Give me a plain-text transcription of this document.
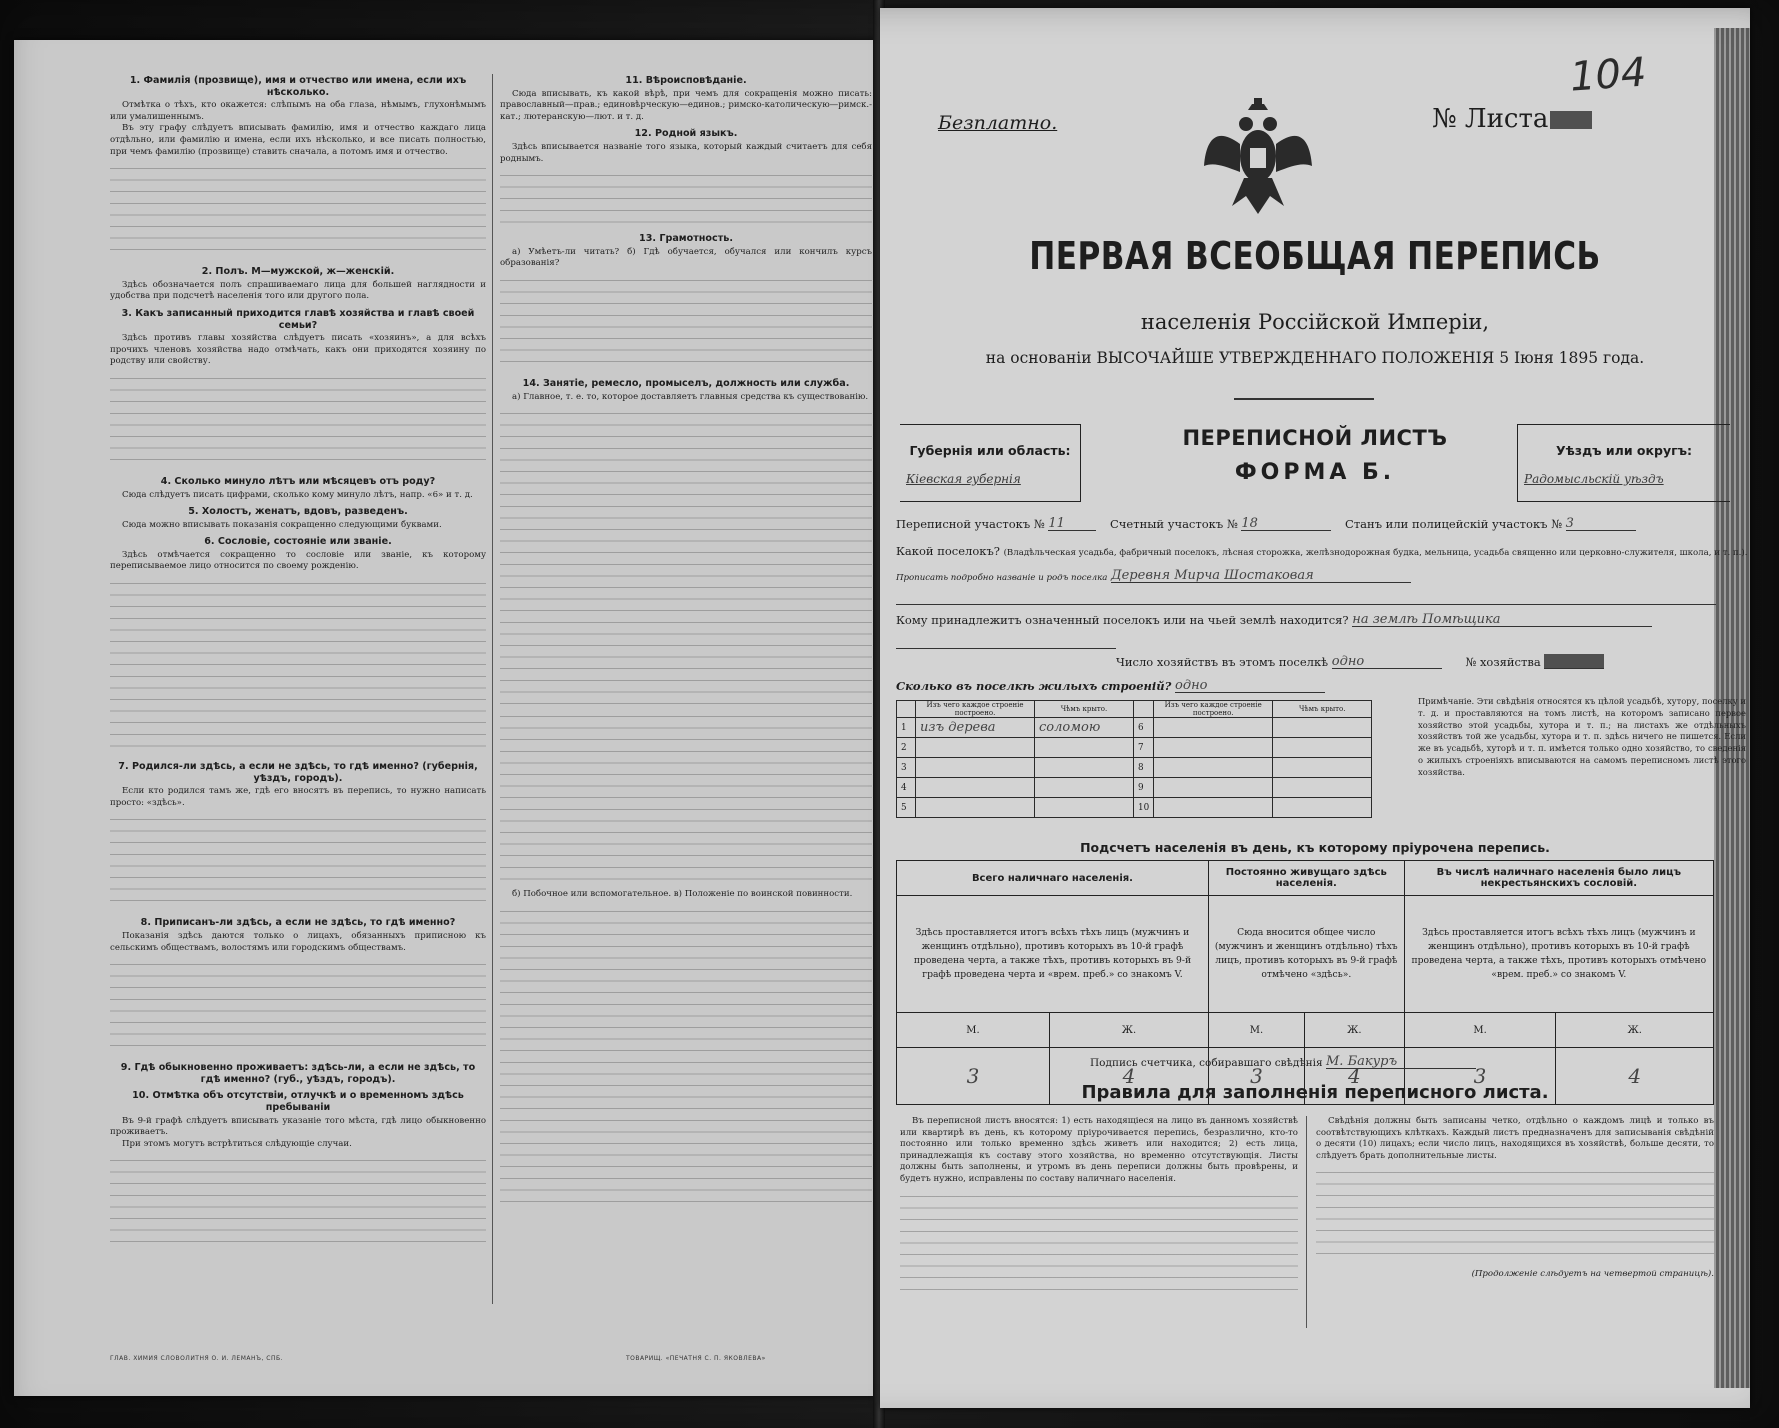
1. Фамилія (прозвище), имя и отчество или имена, если ихъ нѣсколько.

Отмѣтка о тѣхъ, кто окажется: слѣпымъ на оба глаза, нѣмымъ, глухонѣмымъ или умалишеннымъ.

Въ эту графу слѣдуетъ вписывать фамилію, имя и отчество каждаго лица отдѣльно, или фамилію и имена, если ихъ нѣсколько, и все писать полностью, при чемъ фамилію (прозвище) ставить сначала, а потомъ имя и отчество.

2. Полъ. М—мужской, ж—женскій.

Здѣсь обозначается полъ спрашиваемаго лица для большей наглядности и удобства при подсчетѣ населенія того или другого пола.

3. Какъ записанный приходится главѣ хозяйства и главѣ своей семьи?

Здѣсь противъ главы хозяйства слѣдуетъ писать «хозяинъ», а для всѣхъ прочихъ членовъ хозяйства надо отмѣчать, какъ они приходятся хозяину по родству или свойству.

4. Сколько минуло лѣтъ или мѣсяцевъ отъ роду?

Сюда слѣдуетъ писать цифрами, сколько кому минуло лѣтъ, напр. «6» и т. д.

5. Холостъ, женатъ, вдовъ, разведенъ.

Сюда можно вписывать показанія сокращенно следующими буквами.

6. Сословіе, состояніе или званіе.

Здѣсь отмѣчается сокращенно то сословіе или званіе, къ которому переписываемое лицо относится по своему рожденію.

7. Родился-ли здѣсь, а если не здѣсь, то гдѣ именно? (губернія, уѣздъ, городъ).

Если кто родился тамъ же, гдѣ его вносятъ въ перепись, то нужно написать просто: «здѣсь».

8. Приписанъ-ли здѣсь, а если не здѣсь, то гдѣ именно?

Показанія здѣсь даются только о лицахъ, обязанныхъ приписною къ сельскимъ обществамъ, волостямъ или городскимъ обществамъ.

9. Гдѣ обыкновенно проживаетъ: здѣсь-ли, а если не здѣсь, то гдѣ именно? (губ., уѣздъ, городъ).
10. Отмѣтка объ отсутствіи, отлучкѣ и о временномъ здѣсь пребываніи

Въ 9-й графѣ слѣдуетъ вписывать указаніе того мѣста, гдѣ лицо обыкновенно проживаетъ.

При этомъ могутъ встрѣтиться слѣдующіе случаи.

11. Вѣроисповѣданіе.

Сюда вписывать, къ какой вѣрѣ, при чемъ для сокращенія можно писать: православный—прав.; единовѣрческую—единов.; римско-католическую—римск.-кат.; лютеранскую—лют. и т. д.

12. Родной языкъ.

Здѣсь вписывается названіе того языка, который каждый считаетъ для себя роднымъ.

13. Грамотность.

а) Умѣетъ-ли читать? б) Гдѣ обучается, обучался или кончилъ курсъ образованія?

14. Занятіе, ремесло, промыселъ, должность или служба.

а) Главное, т. е. то, которое доставляетъ главныя средства къ существованію.

б) Побочное или вспомогательное. в) Положеніе по воинской повинности.

ГЛАВ. ХИМИЯ СЛОВОЛИТНЯ О. И. ЛЕМАНЪ, СПБ.	ТОВАРИЩ. «ПЕЧАТНЯ С. П. ЯКОВЛЕВА»
Безплатно.	№ Листа
104
ПЕРВАЯ ВСЕОБЩАЯ ПЕРЕПИСЬ
населенія Россійской Имперіи,
на основаніи ВЫСОЧАЙШЕ УТВЕРЖДЕННАГО ПОЛОЖЕНІЯ 5 Іюня 1895 года.
Губернія или область:
Кіевская губернія
Уѣздъ или округъ:
Радомысльскій уѣздъ
ПЕРЕПИСНОЙ ЛИСТЪ
ФОРМА Б.
Переписной участокъ № 11	Счетный участокъ № 18	Станъ или полицейскій участокъ № 3
Какой поселокъ? (Владѣльческая усадьба, фабричный поселокъ, лѣсная сторожка, желѣзнодорожная будка, мельница, усадьба священно или церковно-служителя, школа, и т. п.).
Прописать подробно названіе и родъ поселка Деревня Мирча Шостаковая
Кому принадлежитъ означенный поселокъ или на чьей землѣ находится? на землѣ Помѣщика
Число хозяйствъ въ этомъ поселкѣ одно	№ хозяйства
Сколько въ поселкѣ жилыхъ строеній? одно
	Изъ чего каждое строеніе построено.	Чѣмъ крыто.		Изъ чего каждое строеніе построено.	Чѣмъ крыто.
1	изъ дерева	соломою	6		
2			7		
3			8		
4			9		
5			10		
Примѣчаніе. Эти свѣдѣнія относятся къ цѣлой усадьбѣ, хутору, поселку и т. д. и проставляются на томъ листѣ, на которомъ записано первое хозяйство этой усадьбы, хутора и т. п.; на листахъ же отдѣльныхъ хозяйствъ той же усадьбы, хутора и т. п. здѣсь ничего не пишется. Если же въ усадьбѣ, хуторѣ и т. п. имѣется только одно хозяйство, то сведенія о жилыхъ строеніяхъ вписываются на самомъ переписномъ листѣ этого хозяйства.
Подсчетъ населенія въ день, къ которому пріурочена перепись.
Всего наличнаго населенія.		Постоянно живущаго здѣсь населенія.		Въ числѣ наличнаго населенія было лицъ некрестьянскихъ сословій.	
Здѣсь проставляется итогъ всѣхъ тѣхъ лицъ (мужчинъ и женщинъ отдѣльно), противъ которыхъ въ 10-й графѣ проведена черта, а также тѣхъ, противъ которыхъ въ 9-й графѣ проведена черта и «врем. преб.» со знакомъ V.		Сюда вносится общее число (мужчинъ и женщинъ отдѣльно) тѣхъ лицъ, противъ которыхъ въ 9-й графѣ отмѣчено «здѣсь».		Здѣсь проставляется итогъ всѣхъ тѣхъ лицъ (мужчинъ и женщинъ отдѣльно), противъ которыхъ въ 10-й графѣ проведена черта, а также тѣхъ, противъ которыхъ отмѣчено «врем. преб.» со знакомъ V.	
М.	Ж.	М.	Ж.	М.	Ж.
3	4	3	4	3	4
Подпись счетчика, собиравшаго свѣдѣнія М. Бакуръ
Правила для заполненія переписного листа.

Въ переписной листъ вносятся: 1) есть находящіеся на лицо въ данномъ хозяйствѣ или квартирѣ въ день, къ которому пріурочивается перепись, безразлично, кто-то постоянно или только временно здѣсь живетъ или находится; 2) есть лица, принадлежащія къ составу этого хозяйства, но временно отсутствующія. Листы должны быть заполнены, и утромъ въ день переписи должны быть провѣрены, и будетъ нужно, исправлены по составу наличнаго населенія.

Свѣдѣнія должны быть записаны четко, отдѣльно о каждомъ лицѣ и только въ соотвѣтствующихъ клѣткахъ. Каждый листъ предназначенъ для записыванія свѣдѣній о десяти (10) лицахъ; если число лицъ, находящихся въ хозяйствѣ, больше десяти, то слѣдуетъ брать дополнительные листы.

(Продолженіе слѣдуетъ на четвертой страницѣ).
